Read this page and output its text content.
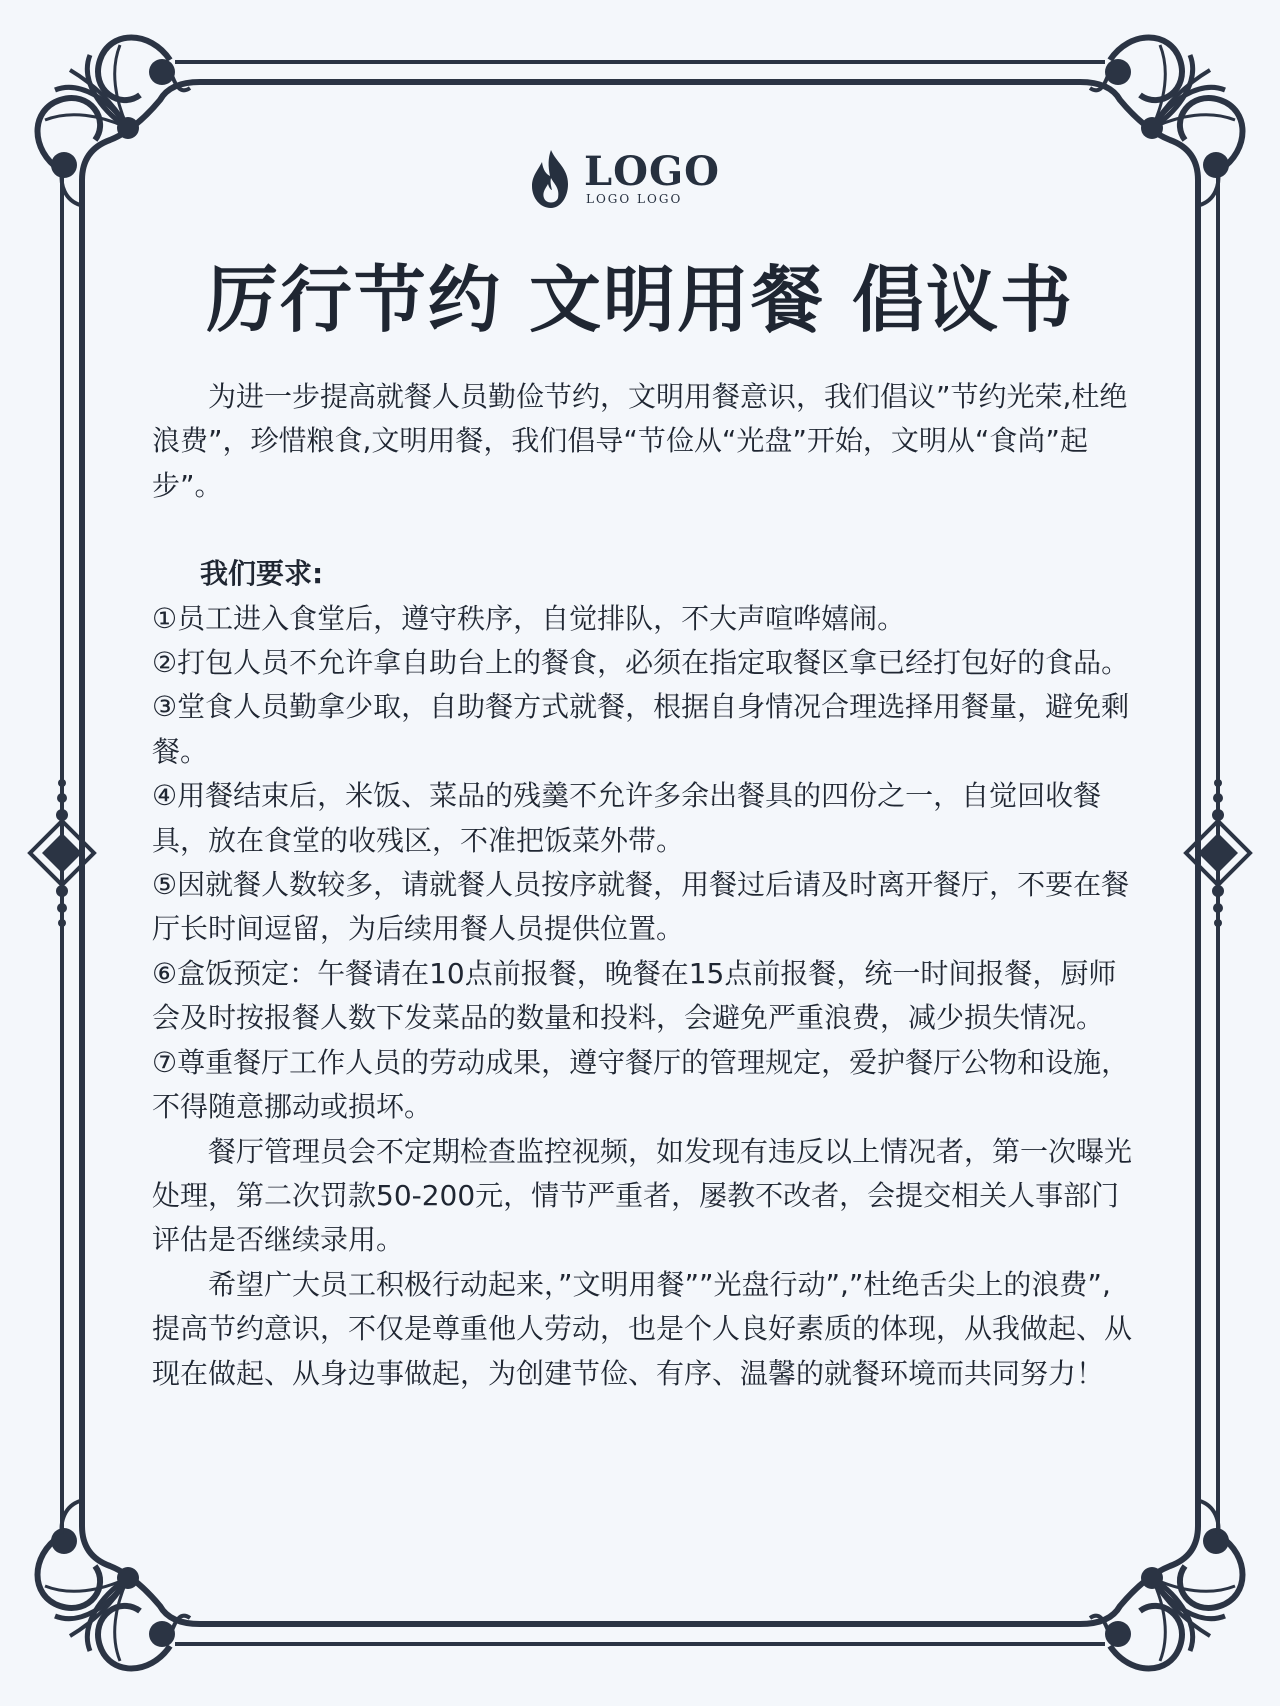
LOGO
LOGO LOGO
厉行节约 文明用餐 倡议书

为进一步提高就餐人员勤俭节约，文明用餐意识，我们倡议”节约光荣,杜绝浪费”，珍惜粮食,文明用餐，我们倡导“节俭从“光盘”开始，文明从“食尚”起步”。

我们要求:

①员工进入食堂后，遵守秩序，自觉排队，不大声喧哗嬉闹。

②打包人员不允许拿自助台上的餐食，必须在指定取餐区拿已经打包好的食品。

③堂食人员勤拿少取，自助餐方式就餐，根据自身情况合理选择用餐量，避免剩餐。

④用餐结束后，米饭、菜品的残羹不允许多余出餐具的四份之一，自觉回收餐具，放在食堂的收残区，不准把饭菜外带。

⑤因就餐人数较多，请就餐人员按序就餐，用餐过后请及时离开餐厅，不要在餐厅长时间逗留，为后续用餐人员提供位置。

⑥盒饭预定：午餐请在10点前报餐，晚餐在15点前报餐，统一时间报餐，厨师会及时按报餐人数下发菜品的数量和投料，会避免严重浪费，减少损失情况。

⑦尊重餐厅工作人员的劳动成果，遵守餐厅的管理规定，爱护餐厅公物和设施，不得随意挪动或损坏。

餐厅管理员会不定期检查监控视频，如发现有违反以上情况者，第一次曝光处理，第二次罚款50-200元，情节严重者，屡教不改者，会提交相关人事部门评估是否继续录用。

希望广大员工积极行动起来，”文明用餐””光盘行动”,”杜绝舌尖上的浪费”,提高节约意识，不仅是尊重他人劳动，也是个人良好素质的体现，从我做起、从现在做起、从身边事做起，为创建节俭、有序、温馨的就餐环境而共同努力！
